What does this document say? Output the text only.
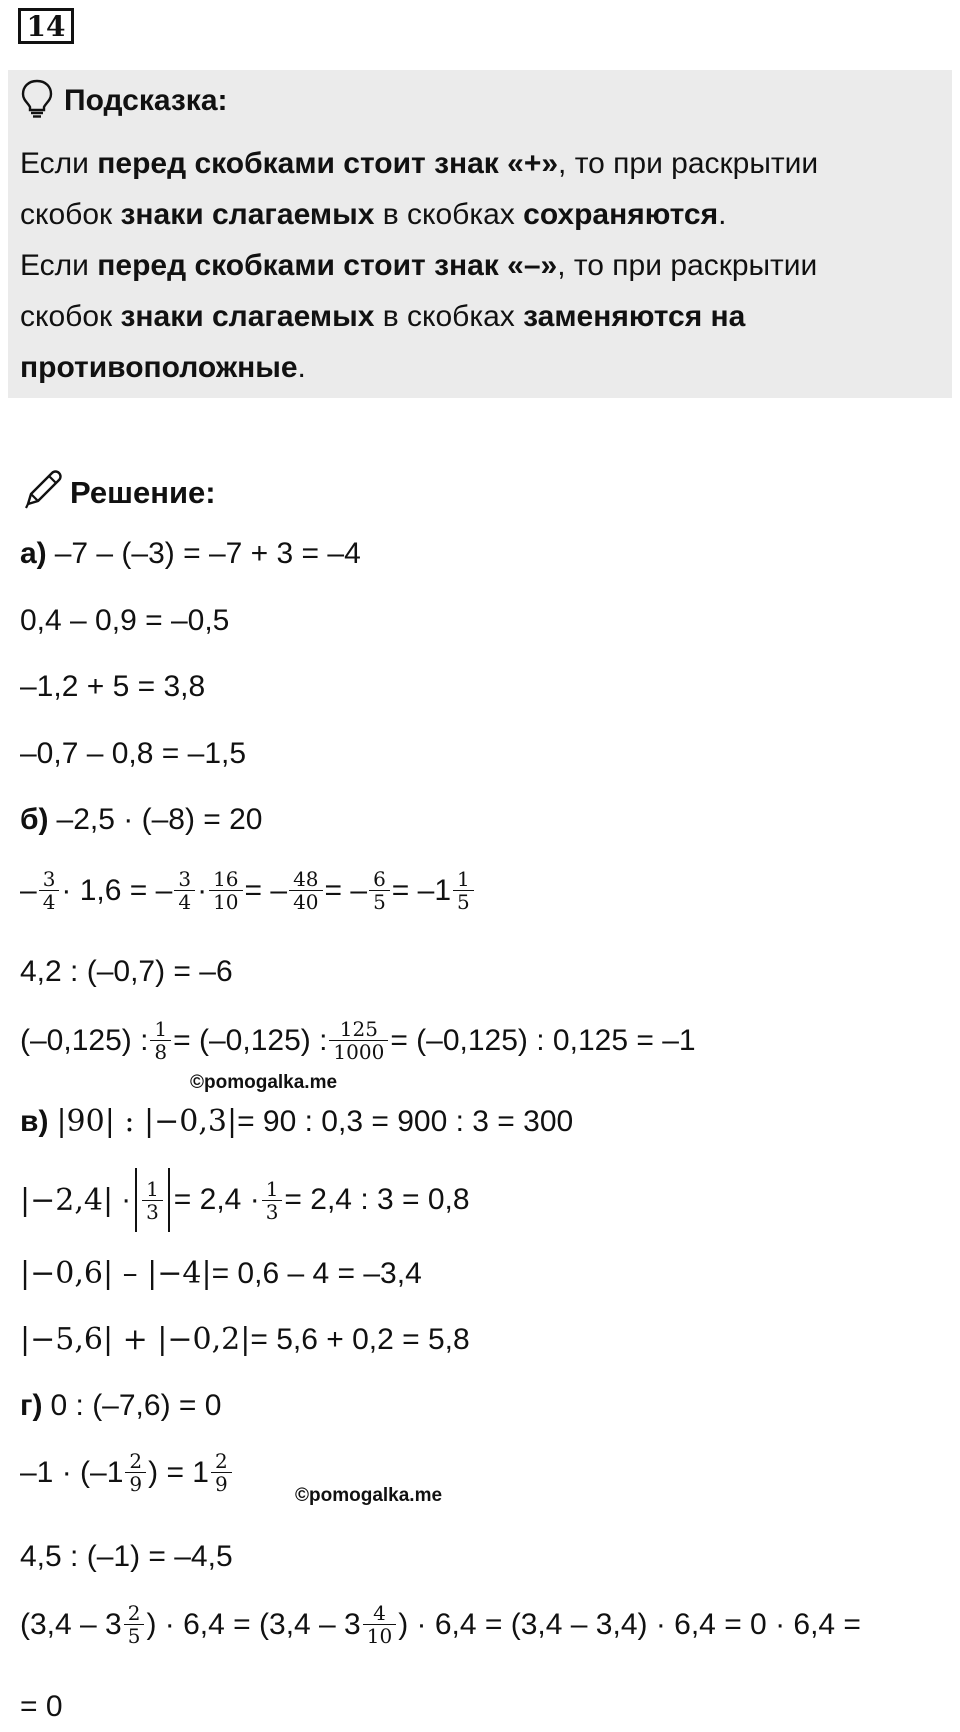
14
Подсказка:
Если перед скобками стоит знак «+», то при раскрытии
скобок знаки слагаемых в скобках сохраняются.
Если перед скобками стоит знак «–», то при раскрытии
скобок знаки слагаемых в скобках заменяются на
противоположные.
Решение:
а) –7 – (–3) = –7 + 3 = –4
0,4 – 0,9 = –0,5
–1,2 + 5 = 3,8
–0,7 – 0,8 = –1,5
б) –2,5 · (–8) = 20
– $\frac{3}{4} \cdot 1,6$ = – $\frac{3}{4} \cdot \frac{16}{10}$ = – $\frac{48}{40}$ = – $\frac{6}{5} = -1 \frac{1}{5}$
4,2 : (–0,7) = –6
(–0,125) : $\frac{1}{8} = (-0,125)$ : $\frac{125}{1000} = (-0,125)$ : 0,125 = –1
©pomogalka.me
в) |90| : |−0,3| = 90 : 0,3 = 900 : 3 = 300
$|-2,4| \cdot \frac{1}{3} = 2,4 \cdot \frac{1}{3} = 2,4$ : 3 = 0,8
|−0,6| – |−4| = 0,6 – 4 = –3,4
|−5,6| + |−0,2| = 5,6 + 0,2 = 5,8
г) 0 : (–7,6) = 0
$-1 \cdot (-1 \frac{2}{9}$ ) = $1 \frac{2}{9}$
©pomogalka.me
4,5 : (–1) = –4,5
($3,4 - 3 \frac{2}{5}$ ) · $6,4 = (3,4 - 3 \frac{4}{10}$ ) · 6,4 = (3,4 – 3,4) · 6,4 = 0 · 6,4 =
= 0
